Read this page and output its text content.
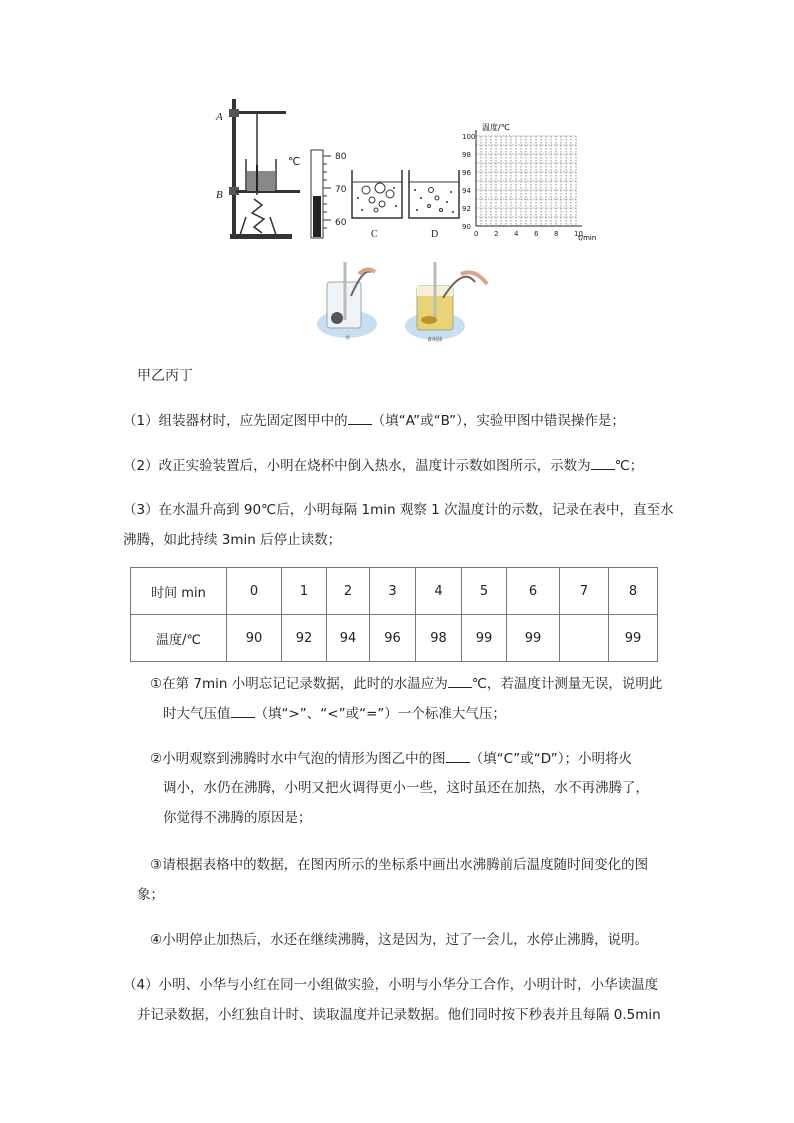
A
B
℃	80
70
60
C	D	0 2 4 6 8 10
90
92
94
96
98
100
温度/℃
t/min
水	食用油
甲乙丙丁
（1）组装器材时，应先固定图甲中的 （填“A”或“B”），实验甲图中错误操作是；
（2）改正实验装置后，小明在烧杯中倒入热水，温度计示数如图所示，示数为 ℃；
（3）在水温升高到 90℃后，小明每隔 1min 观察 1 次温度计的示数，记录在表中，直至水
沸腾，如此持续 3min 后停止读数；
时间 min	0	1	2	3	4	5	6	7	8
温度/℃	90	92	94	96	98	99	99		99
①在第 7min 小明忘记记录数据，此时的水温应为 ℃，若温度计测量无误，说明此
时大气压值 （填“>”、“<”或“=”）一个标准大气压；
②小明观察到沸腾时水中气泡的情形为图乙中的图 （填“C”或“D”）；小明将火
调小，水仍在沸腾，小明又把火调得更小一些，这时虽还在加热，水不再沸腾了，
你觉得不沸腾的原因是；
③请根据表格中的数据，在图丙所示的坐标系中画出水沸腾前后温度随时间变化的图
象；
④小明停止加热后，水还在继续沸腾，这是因为，过了一会儿，水停止沸腾，说明。
（4）小明、小华与小红在同一小组做实验，小明与小华分工合作，小明计时，小华读温度
并记录数据，小红独自计时、读取温度并记录数据。他们同时按下秒表并且每隔 0.5min
